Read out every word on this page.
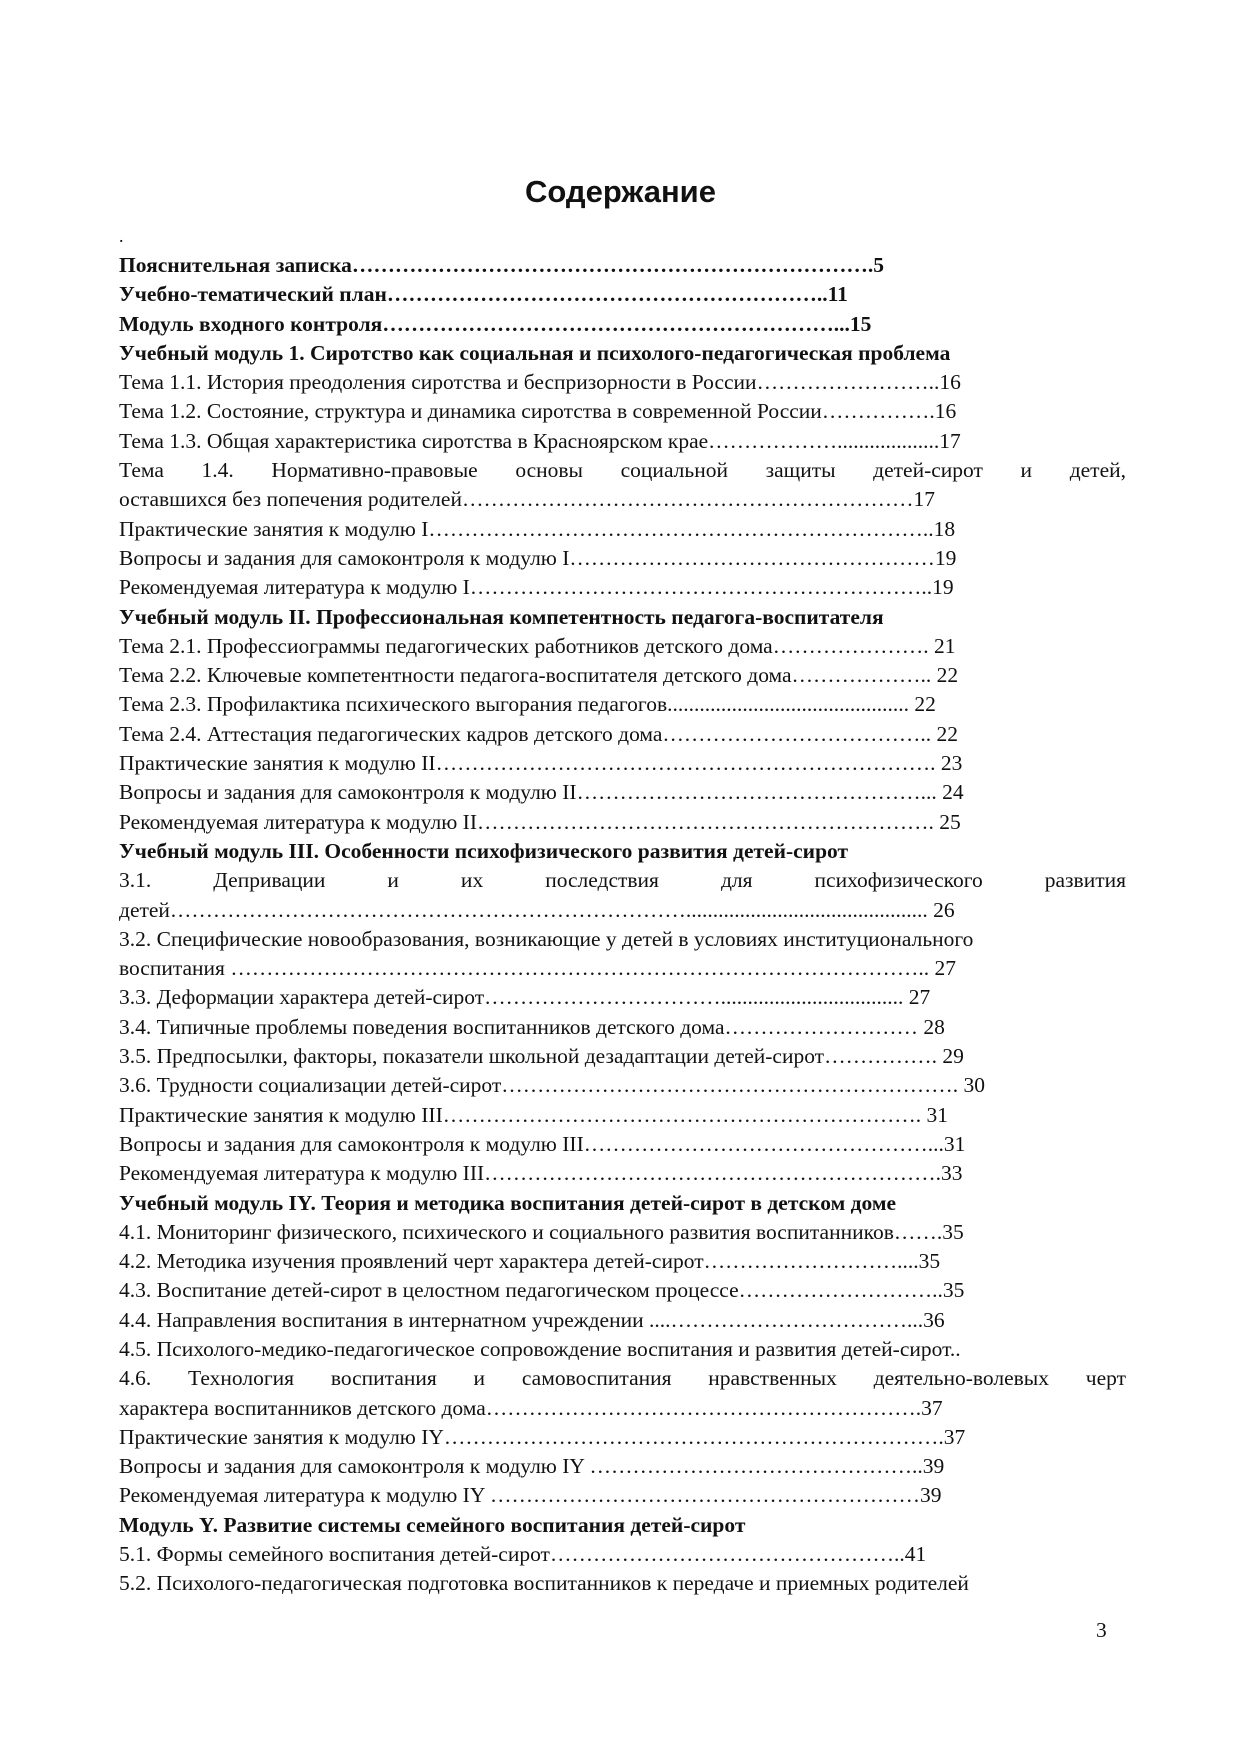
Содержание
.
Пояснительная записка……………………………………………………………….5
Учебно-тематический план……………………………………………………..11
Модуль входного контроля………………………………………………………...15
Учебный модуль 1. Сиротство как социальная и психолого-педагогическая проблема
Тема 1.1. История преодоления сиротства и беспризорности в России……………………..16
Тема 1.2. Состояние, структура и динамика сиротства в современной России…………….16
Тема 1.3. Общая характеристика сиротства в Красноярском крае………………...................17
Тема 1.4. Нормативно-правовые основы социальной защиты детей-сирот и детей,
оставшихся без попечения родителей………………………………………………………17
Практические занятия к модулю I……………………………………………………………..18
Вопросы и задания для самоконтроля к модулю I……………………………………………19
Рекомендуемая литература к модулю I………………………………………………………..19
Учебный модуль II. Профессиональная компетентность педагога-воспитателя
Тема 2.1. Профессиограммы педагогических работников детского дома…………………. 21
Тема 2.2. Ключевые компетентности педагога-воспитателя детского дома……………….. 22
Тема 2.3. Профилактика психического выгорания педагогов............................................. 22
Тема 2.4. Аттестация педагогических кадров детского дома……………………………….. 22
Практические занятия к модулю II……………………………………………………………. 23
Вопросы и задания для самоконтроля к модулю II…………………………………………... 24
Рекомендуемая литература к модулю II………………………………………………………. 25
Учебный модуль III. Особенности психофизического развития детей-сирот
3.1. Депривации и их последствия для психофизического развития
детей………………………………………………………………............................................. 26
3.2. Специфические новообразования, возникающие у детей в условиях институционального
воспитания …………………………………………………………………………………….. 27
3.3. Деформации характера детей-сирот…………………………….................................. 27
3.4. Типичные проблемы поведения воспитанников детского дома……………………… 28
3.5. Предпосылки, факторы, показатели школьной дезадаптации детей-сирот……………. 29
3.6. Трудности социализации детей-сирот………………………………………………………. 30
Практические занятия к модулю III…………………………………………………………. 31
Вопросы и задания для самоконтроля к модулю III…………………………………………...31
Рекомендуемая литература к модулю III……………………………………………………….33
Учебный модуль IY. Теория и методика воспитания детей-сирот в детском доме
4.1. Мониторинг физического, психического и социального развития воспитанников…….35
4.2. Методика изучения проявлений черт характера детей-сирот………………………....35
4.3. Воспитание детей-сирот в целостном педагогическом процессе………………………..35
4.4. Направления воспитания в интернатном учреждении ....……………………………...36
4.5. Психолого-медико-педагогическое сопровождение воспитания и развития детей-сирот..
4.6. Технология воспитания и самовоспитания нравственных деятельно-волевых черт
характера воспитанников детского дома…………………………………………………….37
Практические занятия к модулю IY…………………………………………………………….37
Вопросы и задания для самоконтроля к модулю IY ………………………………………..39
Рекомендуемая литература к модулю IY ……………………………………………………39
Модуль Y. Развитие системы семейного воспитания детей-сирот
5.1. Формы семейного воспитания детей-сирот…………………………………………..41
5.2. Психолого-педагогическая подготовка воспитанников к передаче и приемных родителей
3
